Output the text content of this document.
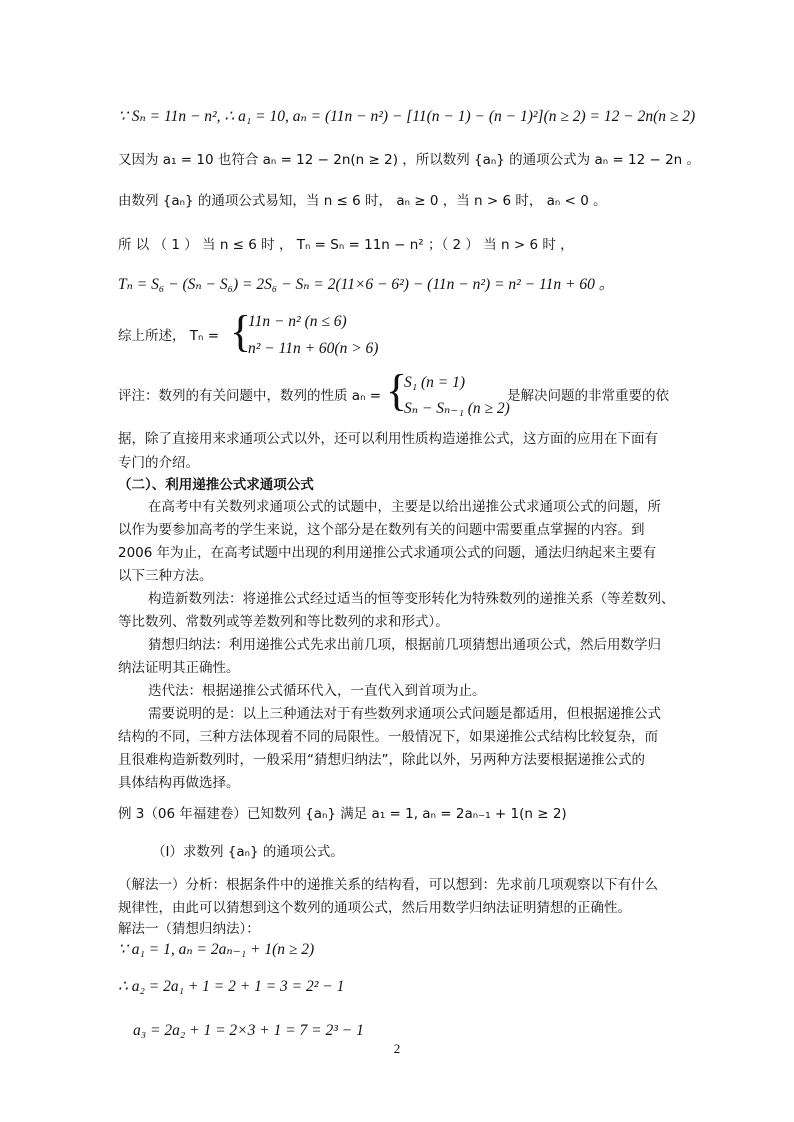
∵ Sₙ = 11n − n², ∴ a₁ = 10, aₙ = (11n − n²) − [11(n − 1) − (n − 1)²](n ≥ 2) = 12 − 2n(n ≥ 2)
又因为 a₁ = 10 也符合 aₙ = 12 − 2n(n ≥ 2) ，所以数列 {aₙ} 的通项公式为 aₙ = 12 − 2n 。
由数列 {aₙ} 的通项公式易知，当 n ≤ 6 时， aₙ ≥ 0 ，当 n > 6 时， aₙ < 0 。
所 以 （ 1 ） 当 n ≤ 6 时 ， Tₙ = Sₙ = 11n − n² ；（ 2 ） 当 n > 6 时 ，
Tₙ = S₆ − (Sₙ − S₆) = 2S₆ − Sₙ = 2(11×6 − 6²) − (11n − n²) = n² − 11n + 60 。
综上所述， Tₙ = {
11n − n² (n ≤ 6)
n² − 11n + 60(n > 6)
评注：数列的有关问题中，数列的性质 aₙ = {
S₁ (n = 1)
Sₙ − Sₙ₋₁ (n ≥ 2)
是解决问题的非常重要的依
据，除了直接用来求通项公式以外，还可以利用性质构造递推公式，这方面的应用在下面有
专门的介绍。
（二）、利用递推公式求通项公式
在高考中有关数列求通项公式的试题中，主要是以给出递推公式求通项公式的问题，所
以作为要参加高考的学生来说，这个部分是在数列有关的问题中需要重点掌握的内容。到
2006 年为止，在高考试题中出现的利用递推公式求通项公式的问题，通法归纳起来主要有
以下三种方法。
构造新数列法：将递推公式经过适当的恒等变形转化为特殊数列的递推关系（等差数列、
等比数列、常数列或等差数列和等比数列的求和形式）。
猜想归纳法：利用递推公式先求出前几项，根据前几项猜想出通项公式，然后用数学归
纳法证明其正确性。
迭代法：根据递推公式循环代入，一直代入到首项为止。
需要说明的是：以上三种通法对于有些数列求通项公式问题是都适用，但根据递推公式
结构的不同，三种方法体现着不同的局限性。一般情况下，如果递推公式结构比较复杂，而
且很难构造新数列时，一般采用“猜想归纳法”，除此以外，另两种方法要根据递推公式的
具体结构再做选择。
例 3（06 年福建卷）已知数列 {aₙ} 满足 a₁ = 1, aₙ = 2aₙ₋₁ + 1(n ≥ 2)
（Ⅰ）求数列 {aₙ} 的通项公式。
（解法一）分析：根据条件中的递推关系的结构看，可以想到：先求前几项观察以下有什么
规律性，由此可以猜想到这个数列的通项公式，然后用数学归纳法证明猜想的正确性。
解法一（猜想归纳法）：
∵ a₁ = 1, aₙ = 2aₙ₋₁ + 1(n ≥ 2)
∴ a₂ = 2a₁ + 1 = 2 + 1 = 3 = 2² − 1
a₃ = 2a₂ + 1 = 2×3 + 1 = 7 = 2³ − 1
2
